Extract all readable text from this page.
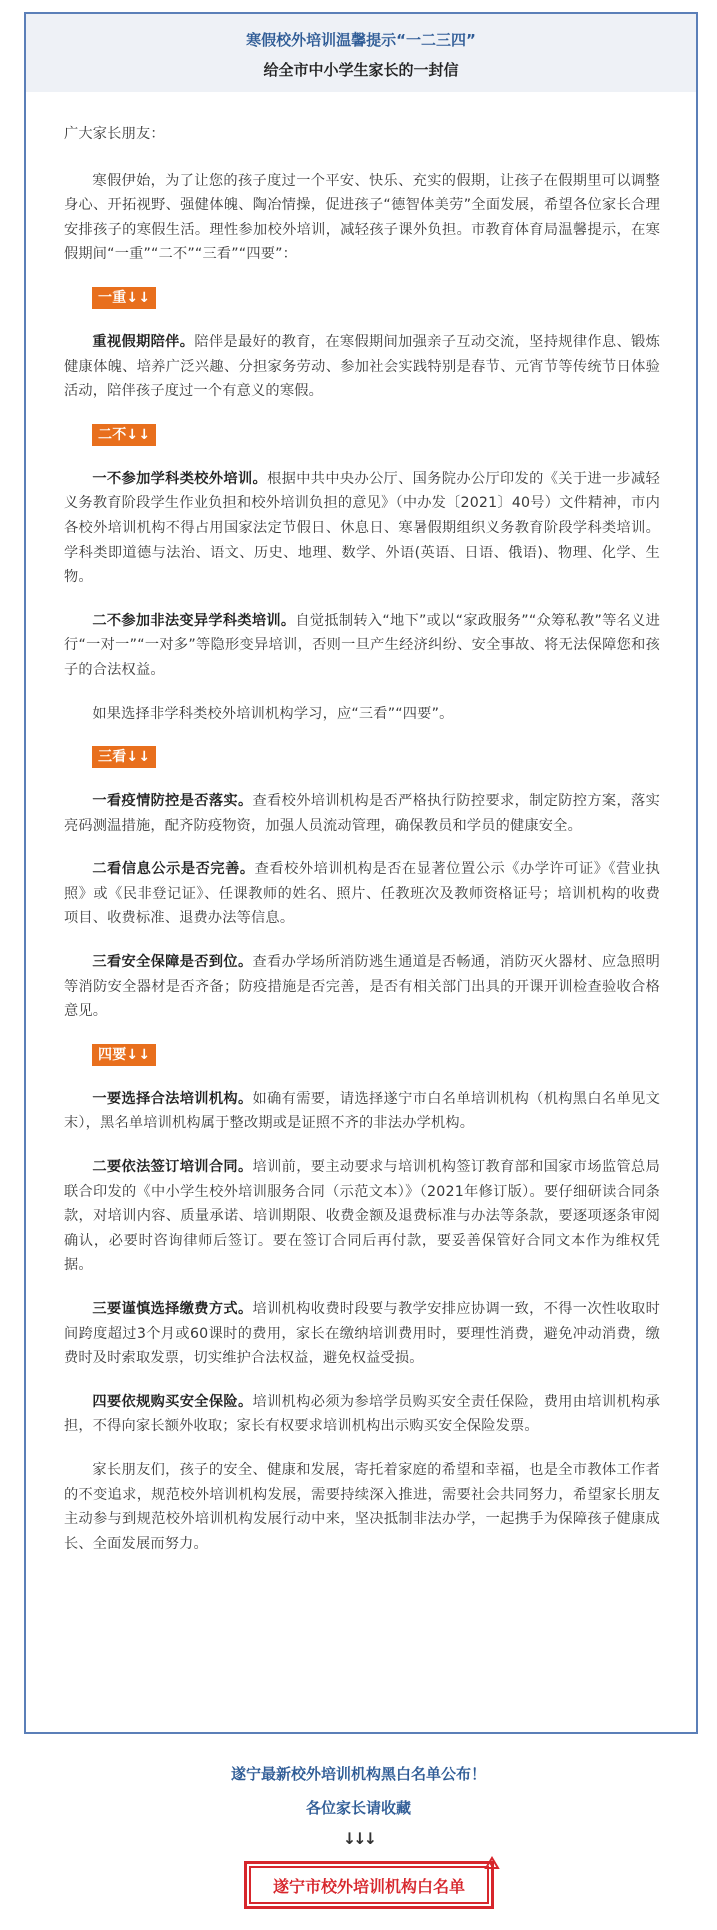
寒假校外培训温馨提示“一二三四”
给全市中小学生家长的一封信

广大家长朋友：

寒假伊始，为了让您的孩子度过一个平安、快乐、充实的假期，让孩子在假期里可以调整身心、开拓视野、强健体魄、陶冶情操，促进孩子“德智体美劳”全面发展，希望各位家长合理安排孩子的寒假生活。理性参加校外培训，减轻孩子课外负担。市教育体育局温馨提示，在寒假期间“一重”“二不”“三看”“四要”：

一重↓↓

重视假期陪伴。陪伴是最好的教育，在寒假期间加强亲子互动交流，坚持规律作息、锻炼健康体魄、培养广泛兴趣、分担家务劳动、参加社会实践特别是春节、元宵节等传统节日体验活动，陪伴孩子度过一个有意义的寒假。

二不↓↓

一不参加学科类校外培训。根据中共中央办公厅、国务院办公厅印发的《关于进一步减轻义务教育阶段学生作业负担和校外培训负担的意见》（中办发〔2021〕40号）文件精神，市内各校外培训机构不得占用国家法定节假日、休息日、寒暑假期组织义务教育阶段学科类培训。学科类即道德与法治、语文、历史、地理、数学、外语(英语、日语、俄语)、物理、化学、生物。

二不参加非法变异学科类培训。自觉抵制转入“地下”或以“家政服务”“众筹私教”等名义进行“一对一”“一对多”等隐形变异培训，否则一旦产生经济纠纷、安全事故、将无法保障您和孩子的合法权益。

如果选择非学科类校外培训机构学习，应“三看”“四要”。

三看↓↓

一看疫情防控是否落实。查看校外培训机构是否严格执行防控要求，制定防控方案，落实亮码测温措施，配齐防疫物资，加强人员流动管理，确保教员和学员的健康安全。

二看信息公示是否完善。查看校外培训机构是否在显著位置公示《办学许可证》《营业执照》或《民非登记证》、任课教师的姓名、照片、任教班次及教师资格证号；培训机构的收费项目、收费标准、退费办法等信息。

三看安全保障是否到位。查看办学场所消防逃生通道是否畅通，消防灭火器材、应急照明等消防安全器材是否齐备；防疫措施是否完善，是否有相关部门出具的开课开训检查验收合格意见。

四要↓↓

一要选择合法培训机构。如确有需要，请选择遂宁市白名单培训机构（机构黑白名单见文末），黑名单培训机构属于整改期或是证照不齐的非法办学机构。

二要依法签订培训合同。培训前，要主动要求与培训机构签订教育部和国家市场监管总局联合印发的《中小学生校外培训服务合同（示范文本）》（2021年修订版）。要仔细研读合同条款，对培训内容、质量承诺、培训期限、收费金额及退费标准与办法等条款，要逐项逐条审阅确认，必要时咨询律师后签订。要在签订合同后再付款，要妥善保管好合同文本作为维权凭据。

三要谨慎选择缴费方式。培训机构收费时段要与教学安排应协调一致，不得一次性收取时间跨度超过3个月或60课时的费用，家长在缴纳培训费用时，要理性消费，避免冲动消费，缴费时及时索取发票，切实维护合法权益，避免权益受损。

四要依规购买安全保险。培训机构必须为参培学员购买安全责任保险，费用由培训机构承担，不得向家长额外收取；家长有权要求培训机构出示购买安全保险发票。

家长朋友们，孩子的安全、健康和发展，寄托着家庭的希望和幸福，也是全市教体工作者的不变追求，规范校外培训机构发展，需要持续深入推进，需要社会共同努力，希望家长朋友主动参与到规范校外培训机构发展行动中来，坚决抵制非法办学，一起携手为保障孩子健康成长、全面发展而努力。

遂宁最新校外培训机构黑白名单公布！
各位家长请收藏
↓↓↓
遂宁市校外培训机构白名单
